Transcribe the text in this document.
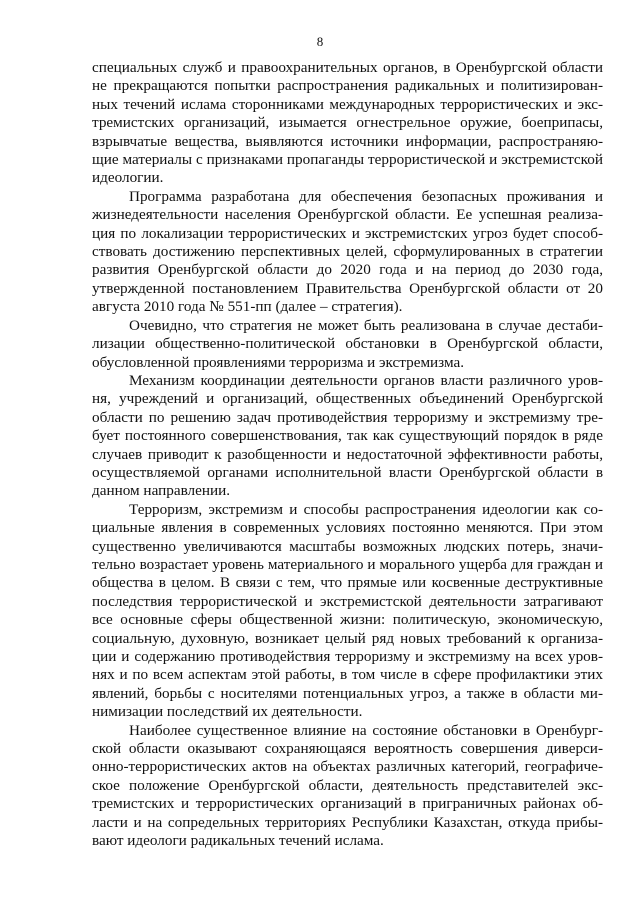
8

специальных служб и правоохранительных органов, в Оренбургской области не прекращаются попытки распространения радикальных и политизированных течений ислама сторонниками международных террористических и экстремистских организаций, изымается огнестрельное оружие, боеприпасы, взрывчатые вещества, выявляются источники информации, распространяющие материалы с признаками пропаганды террористической и экстремистской идеологии.

Программа разработана для обеспечения безопасных проживания и жизнедеятельности населения Оренбургской области. Ее успешная реализация по локализации террористических и экстремистских угроз будет способствовать достижению перспективных целей, сформулированных в стратегии развития Оренбургской области до 2020 года и на период до 2030 года, утвержденной постановлением Правительства Оренбургской области от 20 августа 2010 года № 551-пп (далее – стратегия).

Очевидно, что стратегия не может быть реализована в случае дестабилизации общественно-политической обстановки в Оренбургской области, обусловленной проявлениями терроризма и экстремизма.

Механизм координации деятельности органов власти различного уровня, учреждений и организаций, общественных объединений Оренбургской области по решению задач противодействия терроризму и экстремизму требует постоянного совершенствования, так как существующий порядок в ряде случаев приводит к разобщенности и недостаточной эффективности работы, осуществляемой органами исполнительной власти Оренбургской области в данном направлении.

Терроризм, экстремизм и способы распространения идеологии как социальные явления в современных условиях постоянно меняются. При этом существенно увеличиваются масштабы возможных людских потерь, значительно возрастает уровень материального и морального ущерба для граждан и общества в целом. В связи с тем, что прямые или косвенные деструктивные последствия террористической и экстремистской деятельности затрагивают все основные сферы общественной жизни: политическую, экономическую, социальную, духовную, возникает целый ряд новых требований к организации и содержанию противодействия терроризму и экстремизму на всех уровнях и по всем аспектам этой работы, в том числе в сфере профилактики этих явлений, борьбы с носителями потенциальных угроз, а также в области минимизации последствий их деятельности.

Наиболее существенное влияние на состояние обстановки в Оренбургской области оказывают сохраняющаяся вероятность совершения диверсионно-террористических актов на объектах различных категорий, географическое положение Оренбургской области, деятельность представителей экстремистских и террористических организаций в приграничных районах области и на сопредельных территориях Республики Казахстан, откуда прибывают идеологи радикальных течений ислама.
